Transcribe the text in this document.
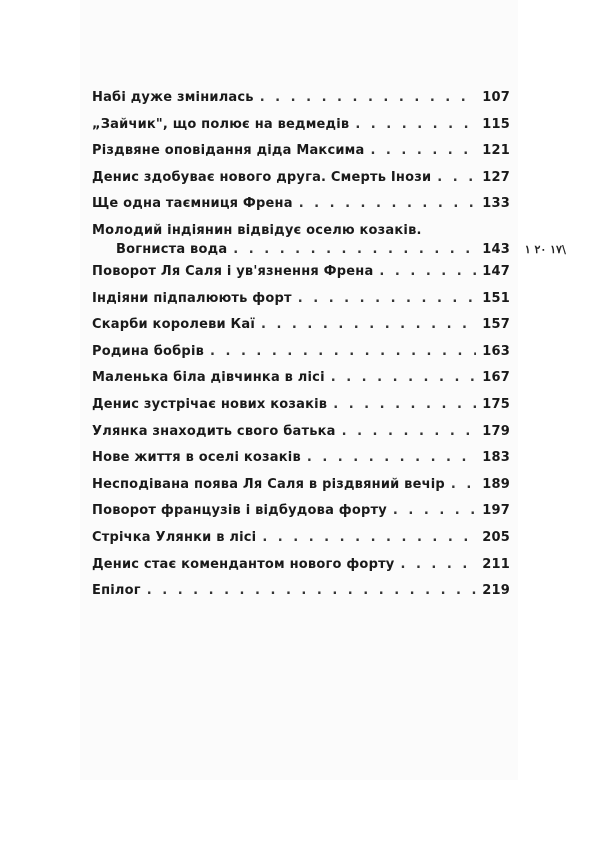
١٧ ٢٠ ١\
Набі дуже змінилась . . .	107
„Зайчик", що полює на ведмедів . . .	115
Різдвяне оповідання діда Максима . . .	121
Денис здобуває нового друга. Смерть Інози . . .	127
Ще одна таємниця Френа . . .	133
Молодий індіянин відвідує оселю козаків.
Вогниста вода . . .	143
Поворот Ля Саля і ув'язнення Френа . . .	147
Індіяни підпалюють форт . . .	151
Скарби королеви Каї . . .	157
Родина бобрів . . .	163
Маленька біла дівчинка в лісі . . .	167
Денис зустрічає нових козаків . . .	175
Улянка знаходить свого батька . . .	179
Нове життя в оселі козаків . . .	183
Несподівана поява Ля Саля в різдвяний вечір . . .	189
Поворот французів і відбудова форту . . .	197
Стрічка Улянки в лісі . . .	205
Денис стає комендантом нового форту . . .	211
Епілог . . .	219
